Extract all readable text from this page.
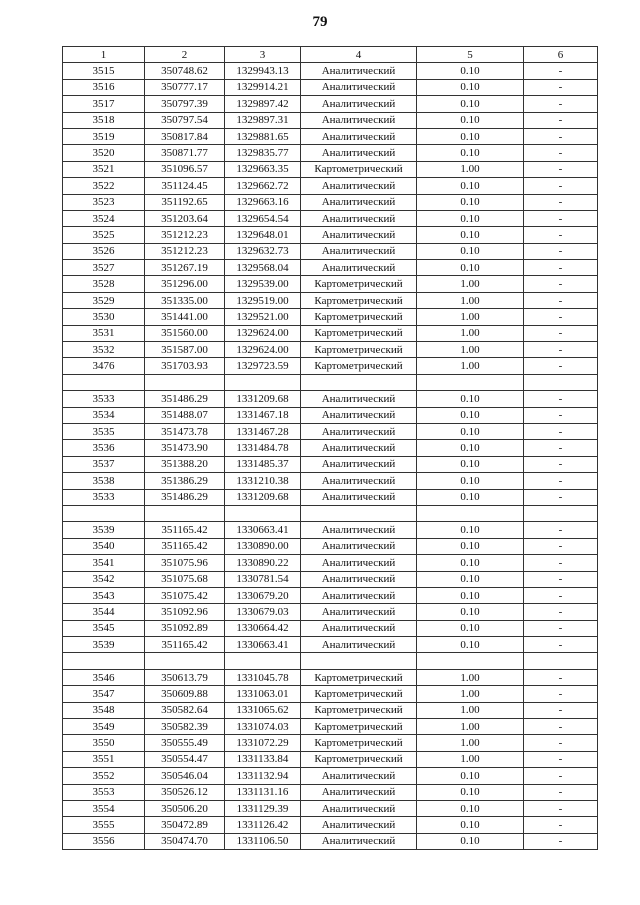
79
1	2	3	4	5	6
3515	350748.62	1329943.13	Аналитический	0.10	-
3516	350777.17	1329914.21	Аналитический	0.10	-
3517	350797.39	1329897.42	Аналитический	0.10	-
3518	350797.54	1329897.31	Аналитический	0.10	-
3519	350817.84	1329881.65	Аналитический	0.10	-
3520	350871.77	1329835.77	Аналитический	0.10	-
3521	351096.57	1329663.35	Картометрический	1.00	-
3522	351124.45	1329662.72	Аналитический	0.10	-
3523	351192.65	1329663.16	Аналитический	0.10	-
3524	351203.64	1329654.54	Аналитический	0.10	-
3525	351212.23	1329648.01	Аналитический	0.10	-
3526	351212.23	1329632.73	Аналитический	0.10	-
3527	351267.19	1329568.04	Аналитический	0.10	-
3528	351296.00	1329539.00	Картометрический	1.00	-
3529	351335.00	1329519.00	Картометрический	1.00	-
3530	351441.00	1329521.00	Картометрический	1.00	-
3531	351560.00	1329624.00	Картометрический	1.00	-
3532	351587.00	1329624.00	Картометрический	1.00	-
3476	351703.93	1329723.59	Картометрический	1.00	-

3533	351486.29	1331209.68	Аналитический	0.10	-
3534	351488.07	1331467.18	Аналитический	0.10	-
3535	351473.78	1331467.28	Аналитический	0.10	-
3536	351473.90	1331484.78	Аналитический	0.10	-
3537	351388.20	1331485.37	Аналитический	0.10	-
3538	351386.29	1331210.38	Аналитический	0.10	-
3533	351486.29	1331209.68	Аналитический	0.10	-

3539	351165.42	1330663.41	Аналитический	0.10	-
3540	351165.42	1330890.00	Аналитический	0.10	-
3541	351075.96	1330890.22	Аналитический	0.10	-
3542	351075.68	1330781.54	Аналитический	0.10	-
3543	351075.42	1330679.20	Аналитический	0.10	-
3544	351092.96	1330679.03	Аналитический	0.10	-
3545	351092.89	1330664.42	Аналитический	0.10	-
3539	351165.42	1330663.41	Аналитический	0.10	-

3546	350613.79	1331045.78	Картометрический	1.00	-
3547	350609.88	1331063.01	Картометрический	1.00	-
3548	350582.64	1331065.62	Картометрический	1.00	-
3549	350582.39	1331074.03	Картометрический	1.00	-
3550	350555.49	1331072.29	Картометрический	1.00	-
3551	350554.47	1331133.84	Картометрический	1.00	-
3552	350546.04	1331132.94	Аналитический	0.10	-
3553	350526.12	1331131.16	Аналитический	0.10	-
3554	350506.20	1331129.39	Аналитический	0.10	-
3555	350472.89	1331126.42	Аналитический	0.10	-
3556	350474.70	1331106.50	Аналитический	0.10	-
